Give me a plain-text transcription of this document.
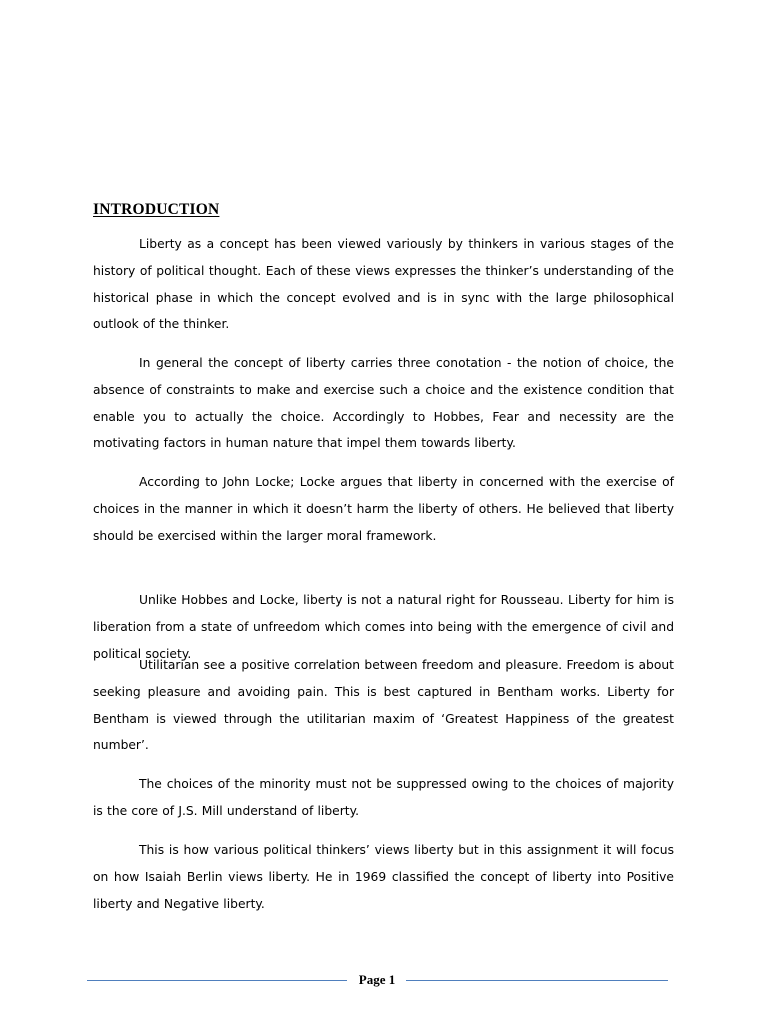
INTRODUCTION

Liberty as a concept has been viewed variously by thinkers in various stages of the history of political thought. Each of these views expresses the thinker’s understanding of the historical phase in which the concept evolved and is in sync with the large philosophical outlook of the thinker.

In general the concept of liberty carries three conotation - the notion of choice, the absence of constraints to make and exercise such a choice and the existence condition that enable you to actually the choice. Accordingly to Hobbes, Fear and necessity are the motivating factors in human nature that impel them towards liberty.

According to John Locke; Locke argues that liberty in concerned with the exercise of choices in the manner in which it doesn’t harm the liberty of others. He believed that liberty should be exercised within the larger moral framework.

Unlike Hobbes and Locke, liberty is not a natural right for Rousseau. Liberty for him is liberation from a state of unfreedom which comes into being with the emergence of civil and political society.

Utilitarian see a positive correlation between freedom and pleasure. Freedom is about seeking pleasure and avoiding pain. This is best captured in Bentham works. Liberty for Bentham is viewed through the utilitarian maxim of ‘Greatest Happiness of the greatest number’.

The choices of the minority must not be suppressed owing to the choices of majority is the core of J.S. Mill understand of liberty.

This is how various political thinkers’ views liberty but in this assignment it will focus on how Isaiah Berlin views liberty. He in 1969 classified the concept of liberty into Positive liberty and Negative liberty.

Page 1
